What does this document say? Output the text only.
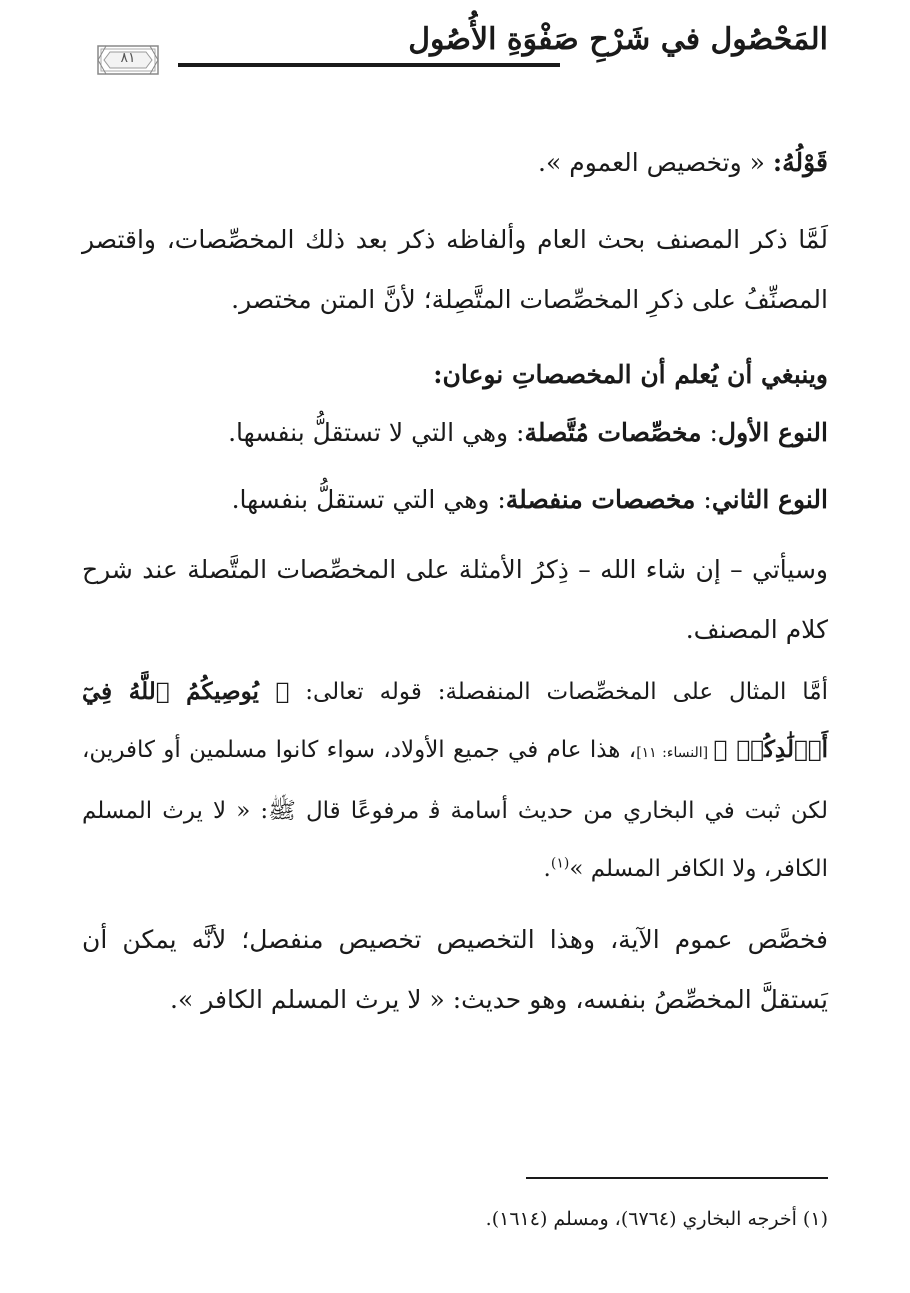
المَحْصُول في شَرْحِ صَفْوَةِ الأُصُول
٨١
قَوْلُهُ: « وتخصيص العموم ».
لَمَّا ذكر المصنف بحث العام وألفاظه ذكر بعد ذلك المخصِّصات، واقتصر المصنِّفُ على ذكرِ المخصِّصات المتَّصِلة؛ لأنَّ المتن مختصر.
وينبغي أن يُعلم أن المخصصاتِ نوعان:
النوع الأول: مخصِّصات مُتَّصلة: وهي التي لا تستقلُّ بنفسها.
النوع الثاني: مخصصات منفصلة: وهي التي تستقلُّ بنفسها.
وسيأتي – إن شاء الله – ذِكرُ الأمثلة على المخصِّصات المتَّصلة عند شرح كلام المصنف.
أمَّا المثال على المخصِّصات المنفصلة: قوله تعالى: ﴿ يُوصِيكُمُ ٱللَّهُ فِيٓ أَوۡلَٰدِكُمۡ ﴾ [النساء: ١١]، هذا عام في جميع الأولاد، سواء كانوا مسلمين أو كافرين، لكن ثبت في البخاري من حديث أسامة ﭬ مرفوعًا قال ﷺ: « لا يرث المسلم الكافر، ولا الكافر المسلم »$^{(١)}$.
فخصَّص عموم الآية، وهذا التخصيص تخصيص منفصل؛ لأنَّه يمكن أن يَستقلَّ المخصِّصُ بنفسه، وهو حديث: « لا يرث المسلم الكافر ».
(١) أخرجه البخاري (٦٧٦٤)، ومسلم (١٦١٤).
